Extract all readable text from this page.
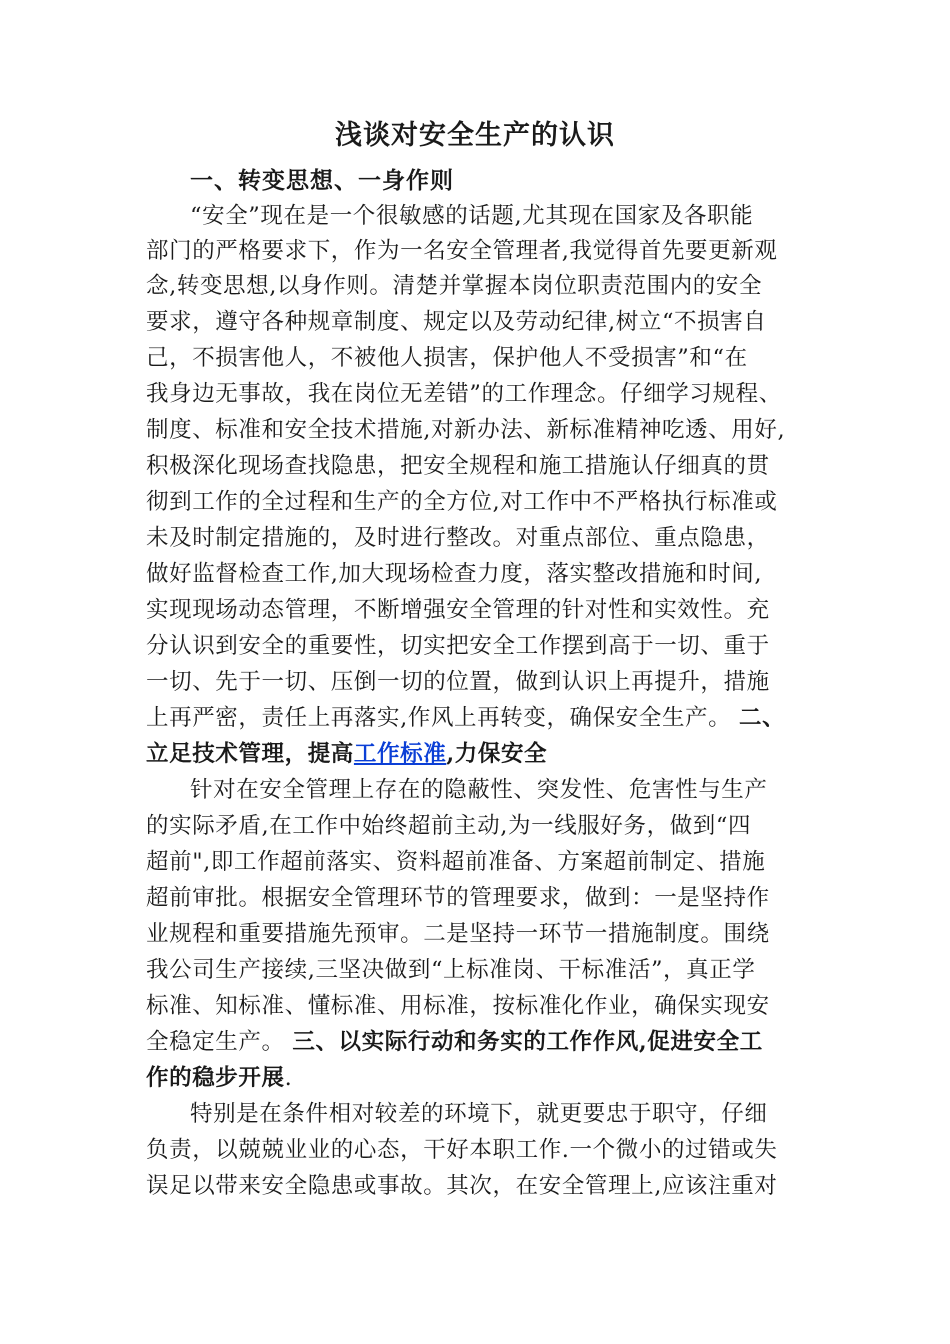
浅谈对安全生产的认识
一、转变思想、一身作则
“安全”现在是一个很敏感的话题,尤其现在国家及各职能
部门的严格要求下，作为一名安全管理者,我觉得首先要更新观
念,转变思想,以身作则。清楚并掌握本岗位职责范围内的安全
要求，遵守各种规章制度、规定以及劳动纪律,树立“不损害自
己，不损害他人，不被他人损害，保护他人不受损害”和“在
我身边无事故，我在岗位无差错”的工作理念。仔细学习规程、
制度、标准和安全技术措施,对新办法、新标准精神吃透、用好,
积极深化现场查找隐患，把安全规程和施工措施认仔细真的贯
彻到工作的全过程和生产的全方位,对工作中不严格执行标准或
未及时制定措施的，及时进行整改。对重点部位、重点隐患，
做好监督检查工作,加大现场检查力度，落实整改措施和时间,
实现现场动态管理，不断增强安全管理的针对性和实效性。充
分认识到安全的重要性，切实把安全工作摆到高于一切、重于
一切、先于一切、压倒一切的位置，做到认识上再提升，措施
上再严密，责任上再落实,作风上再转变，确保安全生产。 二、
立足技术管理，提高工作标准,力保安全
针对在安全管理上存在的隐蔽性、突发性、危害性与生产
的实际矛盾,在工作中始终超前主动,为一线服好务，做到“四
超前",即工作超前落实、资料超前准备、方案超前制定、措施
超前审批。根据安全管理环节的管理要求，做到：一是坚持作
业规程和重要措施先预审。二是坚持一环节一措施制度。围绕
我公司生产接续,三坚决做到“上标准岗、干标准活”，真正学
标准、知标准、懂标准、用标准，按标准化作业，确保实现安
全稳定生产。 三、以实际行动和务实的工作作风,促进安全工
作的稳步开展.
特别是在条件相对较差的环境下，就更要忠于职守，仔细
负责，以兢兢业业的心态，干好本职工作.一个微小的过错或失
误足以带来安全隐患或事故。其次，在安全管理上,应该注重对
